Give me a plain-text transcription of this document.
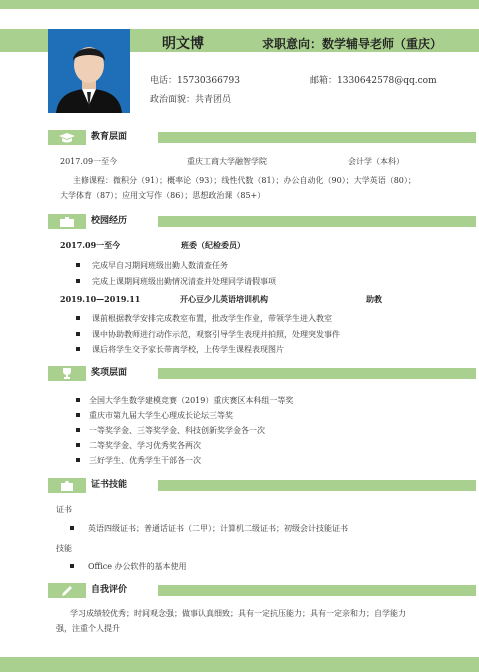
明文博	求职意向：数学辅导老师（重庆）
电话：15730366793	邮箱：1330642578@qq.com
政治面貌：共青团员
教育层面
2017.09一至今	重庆工商大学融智学院	会计学（本科）
主修课程：微积分（91）；概率论（93）；线性代数（81）；办公自动化（90）；大学英语（80）；
大学体育（87）；应用文写作（86）；思想政治课（85+）
校园经历
2017.09一至今	班委（纪检委员）
完成早自习期间班级出勤人数清查任务
完成上课期间班级出勤情况清查并处理同学请假事项
2019.10—2019.11	开心豆少儿英语培训机构	助教
课前根据教学安排完成教室布置，批改学生作业，带领学生进入教室
课中协助教师进行动作示范，观察引导学生表现并拍照，处理突发事件
课后将学生交予家长带离学校，上传学生课程表现图片
奖项层面
全国大学生数学建模竞赛（2019）重庆赛区本科组一等奖
重庆市第九届大学生心理成长论坛三等奖
一等奖学金、三等奖学金、科技创新奖学金各一次
二等奖学金、学习优秀奖各两次
三好学生、优秀学生干部各一次
证书技能
证书
英语四级证书；普通话证书（二甲）；计算机二级证书；初级会计技能证书
技能
Office 办公软件的基本使用
自我评价
学习成绩较优秀；时间观念强；做事认真细致；具有一定抗压能力；具有一定亲和力；自学能力
强，注重个人提升
